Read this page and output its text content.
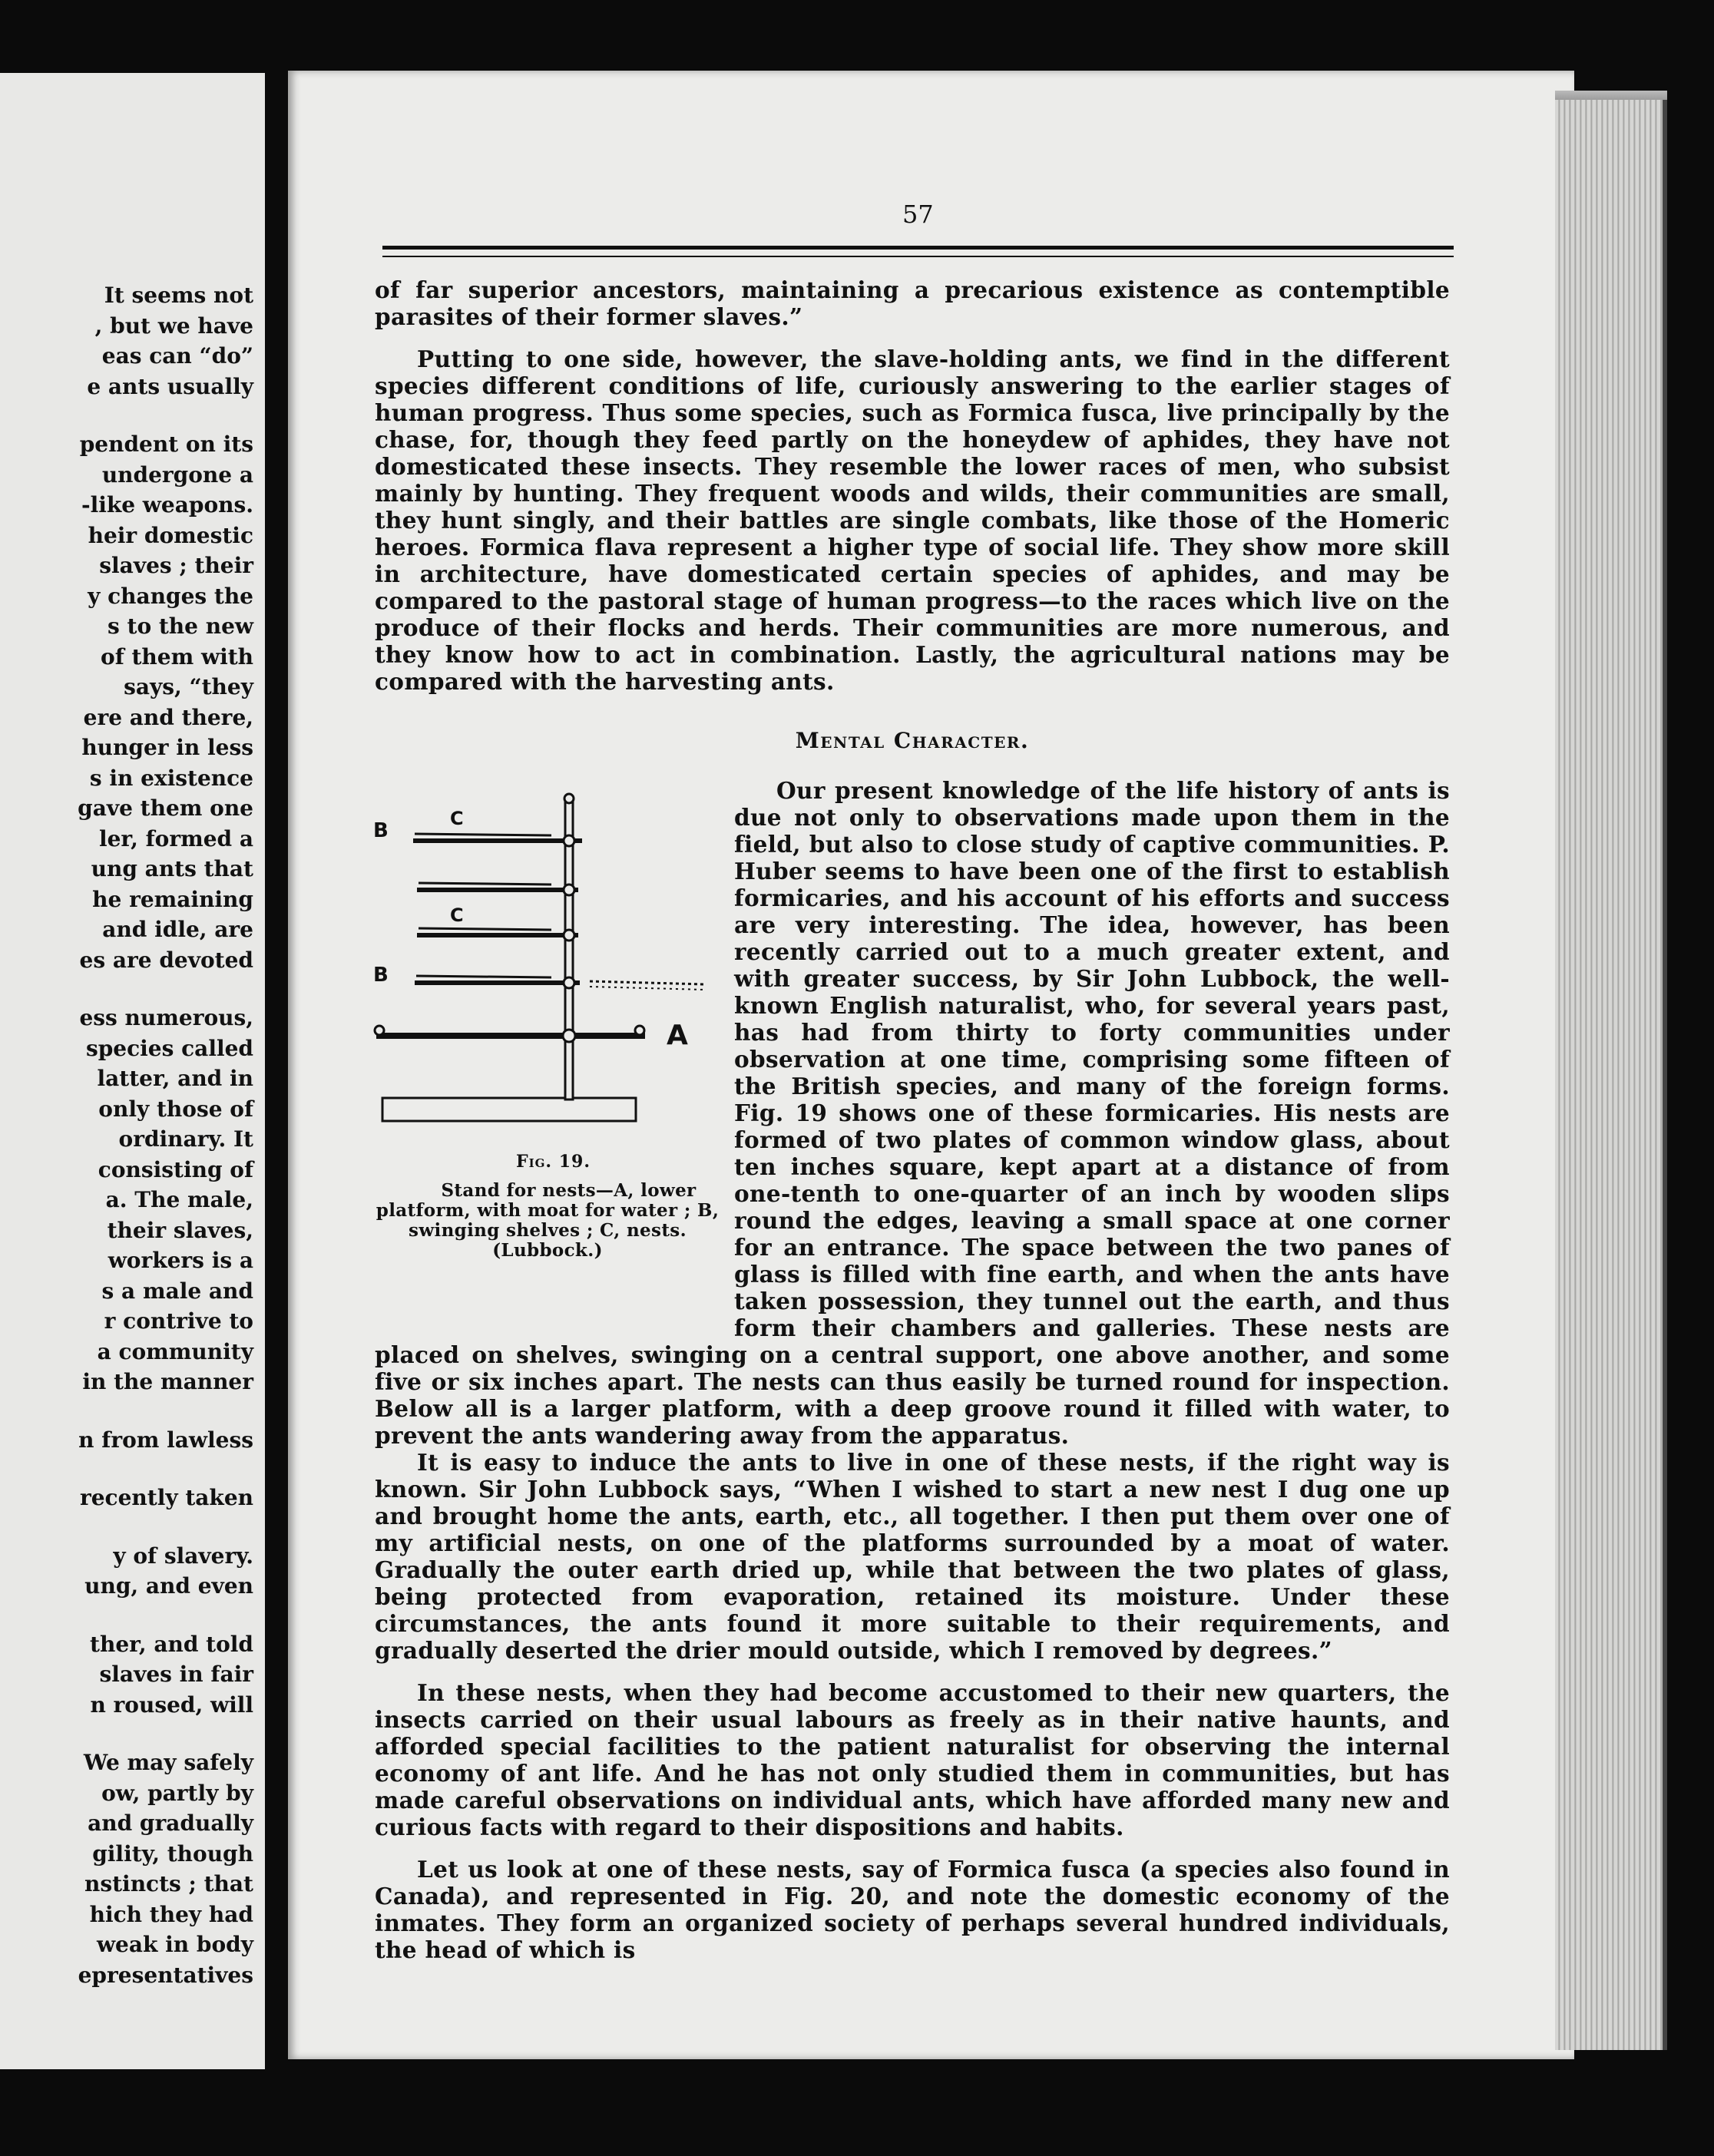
It seems not
, but we have
eas can “do”
e ants usually
pendent on its
undergone a
-like weapons.
heir domestic
slaves ; their
y changes the
s to the new
of them with
says, “they
ere and there,
hunger in less
s in existence
gave them one
ler, formed a
ung ants that
he remaining
and idle, are
es are devoted
ess numerous,
species called
latter, and in
only those of
ordinary. It
consisting of
a. The male,
their slaves,
workers is a
s a male and
r contrive to
a community
in the manner
n from lawless
recently taken
y of slavery.
ung, and even
ther, and told
slaves in fair
n roused, will
We may safely
ow, partly by
and gradually
gility, though
nstincts ; that
hich they had
weak in body
epresentatives
57

of far superior ancestors, maintaining a precarious existence as contemptible parasites of their former slaves.”

Putting to one side, however, the slave-holding ants, we find in the different species different conditions of life, curiously answering to the earlier stages of human progress. Thus some species, such as Formica fusca, live principally by the chase, for, though they feed partly on the honeydew of aphides, they have not domesticated these insects. They resemble the lower races of men, who subsist mainly by hunting. They frequent woods and wilds, their communities are small, they hunt singly, and their battles are single combats, like those of the Homeric heroes. Formica flava represent a higher type of social life. They show more skill in architecture, have domesticated certain species of aphides, and may be compared to the pastoral stage of human progress—to the races which live on the produce of their flocks and herds. Their communities are more numerous, and they know how to act in combination. Lastly, the agricultural nations may be compared with the harvesting ants.

Mental Character.

B
C
C
B
A
Fig. 19.
Stand for nests—A, lower platform, with moat for water ; B, swinging shelves ; C, nests. (Lubbock.)
Our present knowledge of the life history of ants is due not only to observations made upon them in the field, but also to close study of captive communities. P. Huber seems to have been one of the first to establish formicaries, and his account of his efforts and success are very interesting. The idea, however, has been recently carried out to a much greater extent, and with greater success, by Sir John Lubbock, the well-known English naturalist, who, for several years past, has had from thirty to forty communities under observation at one time, comprising some fifteen of the British species, and many of the foreign forms. Fig. 19 shows one of these formicaries. His nests are formed of two plates of common window glass, about ten inches square, kept apart at a distance of from one-tenth to one-quarter of an inch by wooden slips round the edges, leaving a small space at one corner for an entrance. The space between the two panes of glass is filled with fine earth, and when the ants have taken possession, they tunnel out the earth, and thus form their chambers and galleries. These nests are placed on shelves, swinging on a central support, one above another, and some five or six inches apart. The nests can thus easily be turned round for inspection. Below all is a larger platform, with a deep groove round it filled with water, to prevent the ants wandering away from the apparatus.

It is easy to induce the ants to live in one of these nests, if the right way is known. Sir John Lubbock says, “When I wished to start a new nest I dug one up and brought home the ants, earth, etc., all together. I then put them over one of my artificial nests, on one of the platforms surrounded by a moat of water. Gradually the outer earth dried up, while that between the two plates of glass, being protected from evaporation, retained its moisture. Under these circumstances, the ants found it more suitable to their requirements, and gradually deserted the drier mould outside, which I removed by degrees.”

In these nests, when they had become accustomed to their new quarters, the insects carried on their usual labours as freely as in their native haunts, and afforded special facilities to the patient naturalist for observing the internal economy of ant life. And he has not only studied them in communities, but has made careful observations on individual ants, which have afforded many new and curious facts with regard to their dispositions and habits.

Let us look at one of these nests, say of Formica fusca (a species also found in Canada), and represented in Fig. 20, and note the domestic economy of the inmates. They form an organized society of perhaps several hundred individuals, the head of which is
